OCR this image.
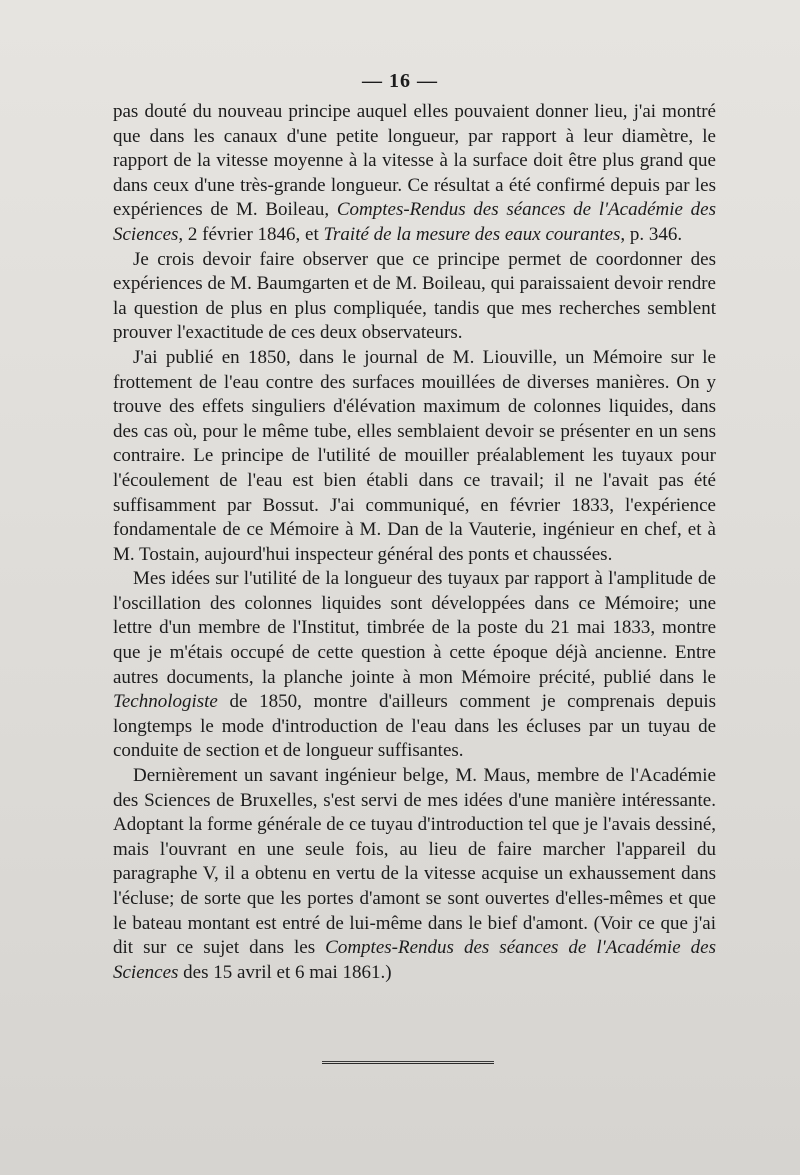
— 16 —

pas douté du nouveau principe auquel elles pouvaient donner lieu, j'ai montré que dans les canaux d'une petite longueur, par rapport à leur diamètre, le rapport de la vitesse moyenne à la vitesse à la surface doit être plus grand que dans ceux d'une très-grande longueur. Ce résultat a été confirmé depuis par les expériences de M. Boileau, Comptes-Rendus des séances de l'Académie des Sciences, 2 février 1846, et Traité de la mesure des eaux courantes, p. 346.

Je crois devoir faire observer que ce principe permet de coordonner des expériences de M. Baumgarten et de M. Boileau, qui paraissaient devoir rendre la question de plus en plus compliquée, tandis que mes recherches semblent prouver l'exactitude de ces deux observateurs.

J'ai publié en 1850, dans le journal de M. Liouville, un Mémoire sur le frottement de l'eau contre des surfaces mouillées de diverses manières. On y trouve des effets singuliers d'élévation maximum de colonnes liquides, dans des cas où, pour le même tube, elles semblaient devoir se présenter en un sens contraire. Le principe de l'utilité de mouiller préalablement les tuyaux pour l'écoulement de l'eau est bien établi dans ce travail; il ne l'avait pas été suffisamment par Bossut. J'ai communiqué, en février 1833, l'expérience fondamentale de ce Mémoire à M. Dan de la Vauterie, ingénieur en chef, et à M. Tostain, aujourd'hui inspecteur général des ponts et chaussées.

Mes idées sur l'utilité de la longueur des tuyaux par rapport à l'amplitude de l'oscillation des colonnes liquides sont développées dans ce Mémoire; une lettre d'un membre de l'Institut, timbrée de la poste du 21 mai 1833, montre que je m'étais occupé de cette question à cette époque déjà ancienne. Entre autres documents, la planche jointe à mon Mémoire précité, publié dans le Technologiste de 1850, montre d'ailleurs comment je comprenais depuis longtemps le mode d'introduction de l'eau dans les écluses par un tuyau de conduite de section et de longueur suffisantes.

Dernièrement un savant ingénieur belge, M. Maus, membre de l'Académie des Sciences de Bruxelles, s'est servi de mes idées d'une manière intéressante. Adoptant la forme générale de ce tuyau d'introduction tel que je l'avais dessiné, mais l'ouvrant en une seule fois, au lieu de faire marcher l'appareil du paragraphe V, il a obtenu en vertu de la vitesse acquise un exhaussement dans l'écluse; de sorte que les portes d'amont se sont ouvertes d'elles-mêmes et que le bateau montant est entré de lui-même dans le bief d'amont. (Voir ce que j'ai dit sur ce sujet dans les Comptes-Rendus des séances de l'Académie des Sciences des 15 avril et 6 mai 1861.)
